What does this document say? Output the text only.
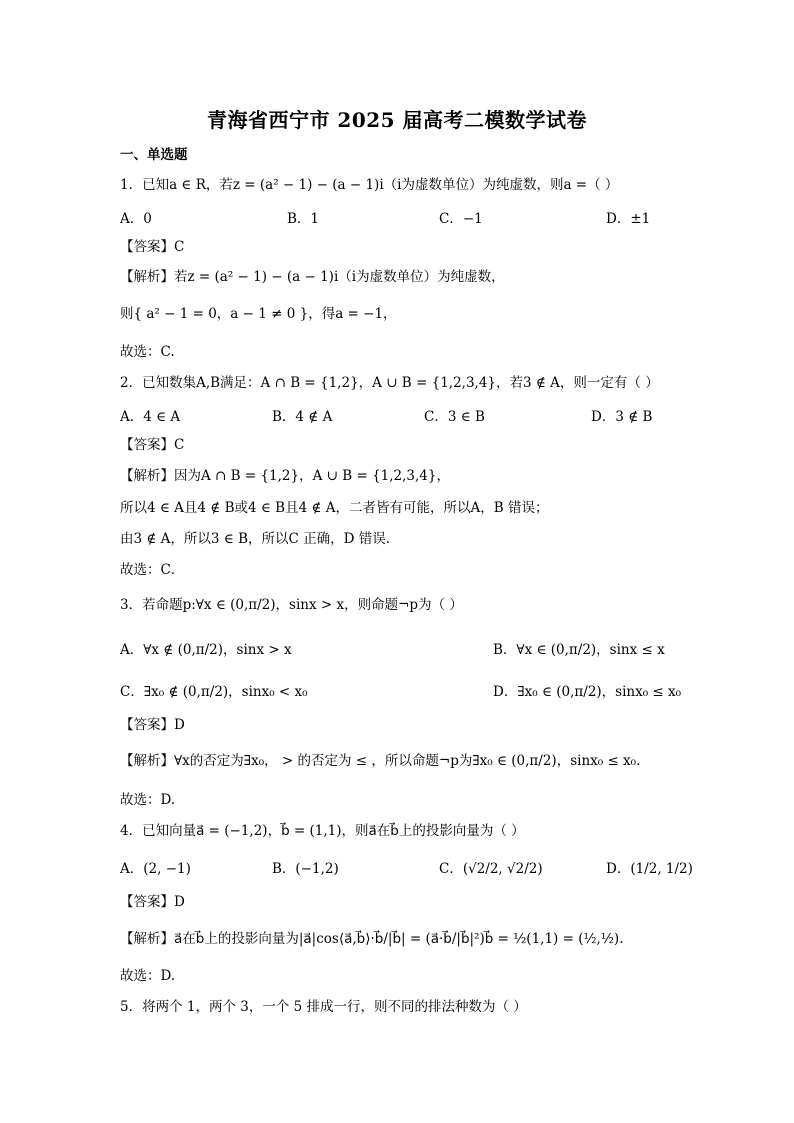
青海省西宁市 2025 届高考二模数学试卷
一、单选题
1．已知a ∈ R，若z = (a² − 1) − (a − 1)i（i为虚数单位）为纯虚数，则a =（ ）
A．0	B．1	C．−1	D．±1
【答案】C
【解析】若z = (a² − 1) − (a − 1)i（i为虚数单位）为纯虚数，
则{ a² − 1 = 0，a − 1 ≠ 0 }，得a = −1，
故选：C.
2．已知数集A,B满足：A ∩ B = {1,2}，A ∪ B = {1,2,3,4}，若3 ∉ A，则一定有（ ）
A．4 ∈ A	B．4 ∉ A	C．3 ∈ B	D．3 ∉ B
【答案】C
【解析】因为A ∩ B = {1,2}，A ∪ B = {1,2,3,4}，
所以4 ∈ A且4 ∉ B或4 ∈ B且4 ∉ A，二者皆有可能，所以A，B 错误；
由3 ∉ A，所以3 ∈ B，所以C 正确，D 错误．
故选：C．
3．若命题p:∀x ∈ (0,π/2)，sinx > x，则命题¬p为（ ）
A．∀x ∉ (0,π/2)，sinx > x	B．∀x ∈ (0,π/2)，sinx ≤ x
C．∃x₀ ∉ (0,π/2)，sinx₀ < x₀	D．∃x₀ ∈ (0,π/2)，sinx₀ ≤ x₀
【答案】D
【解析】∀x的否定为∃x₀， > 的否定为 ≤ ，所以命题¬p为∃x₀ ∈ (0,π/2)，sinx₀ ≤ x₀．
故选：D.
4．已知向量a⃗ = (−1,2)，b⃗ = (1,1)，则a⃗在b⃗上的投影向量为（ ）
A．(2, −1)	B．(−1,2)	C．(√2/2, √2/2)	D．(1/2, 1/2)
【答案】D
【解析】a⃗在b⃗上的投影向量为|a⃗|cos⟨a⃗,b⃗⟩·b⃗/|b⃗| = (a⃗·b⃗/|b⃗|²)b⃗ = ½(1,1) = (½,½).
故选：D.
5．将两个 1，两个 3，一个 5 排成一行，则不同的排法种数为（ ）
